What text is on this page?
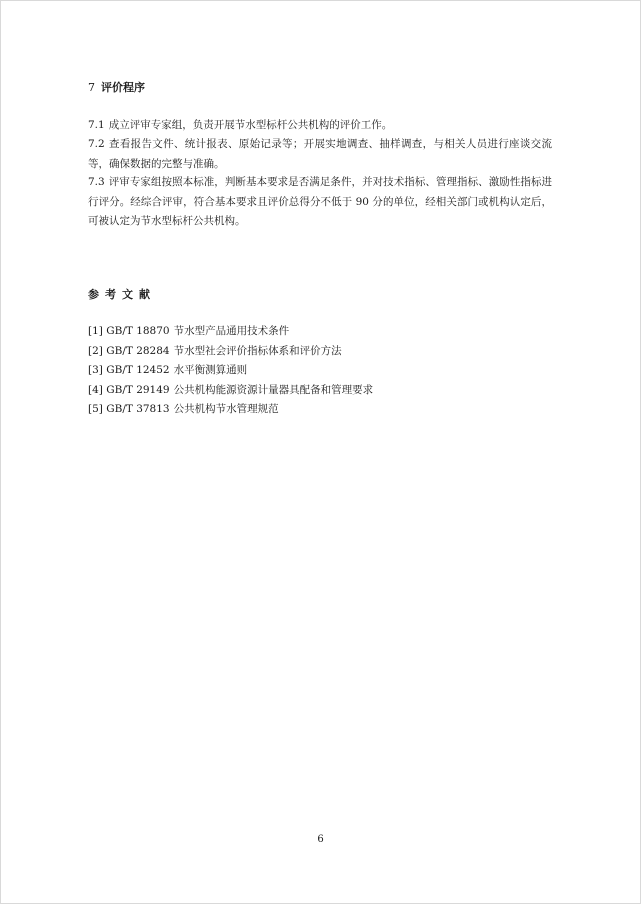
7 评价程序
7.1 成立评审专家组，负责开展节水型标杆公共机构的评价工作。
7.2 查看报告文件、统计报表、原始记录等；开展实地调查、抽样调查，与相关人员进行座谈交流等，确保数据的完整与准确。
7.3 评审专家组按照本标准，判断基本要求是否满足条件，并对技术指标、管理指标、激励性指标进行评分。经综合评审，符合基本要求且评价总得分不低于 90 分的单位，经相关部门或机构认定后，可被认定为节水型标杆公共机构。
参考文献
[1] GB/T 18870 节水型产品通用技术条件
[2] GB/T 28284 节水型社会评价指标体系和评价方法
[3] GB/T 12452 水平衡测算通则
[4] GB/T 29149 公共机构能源资源计量器具配备和管理要求
[5] GB/T 37813 公共机构节水管理规范
6
